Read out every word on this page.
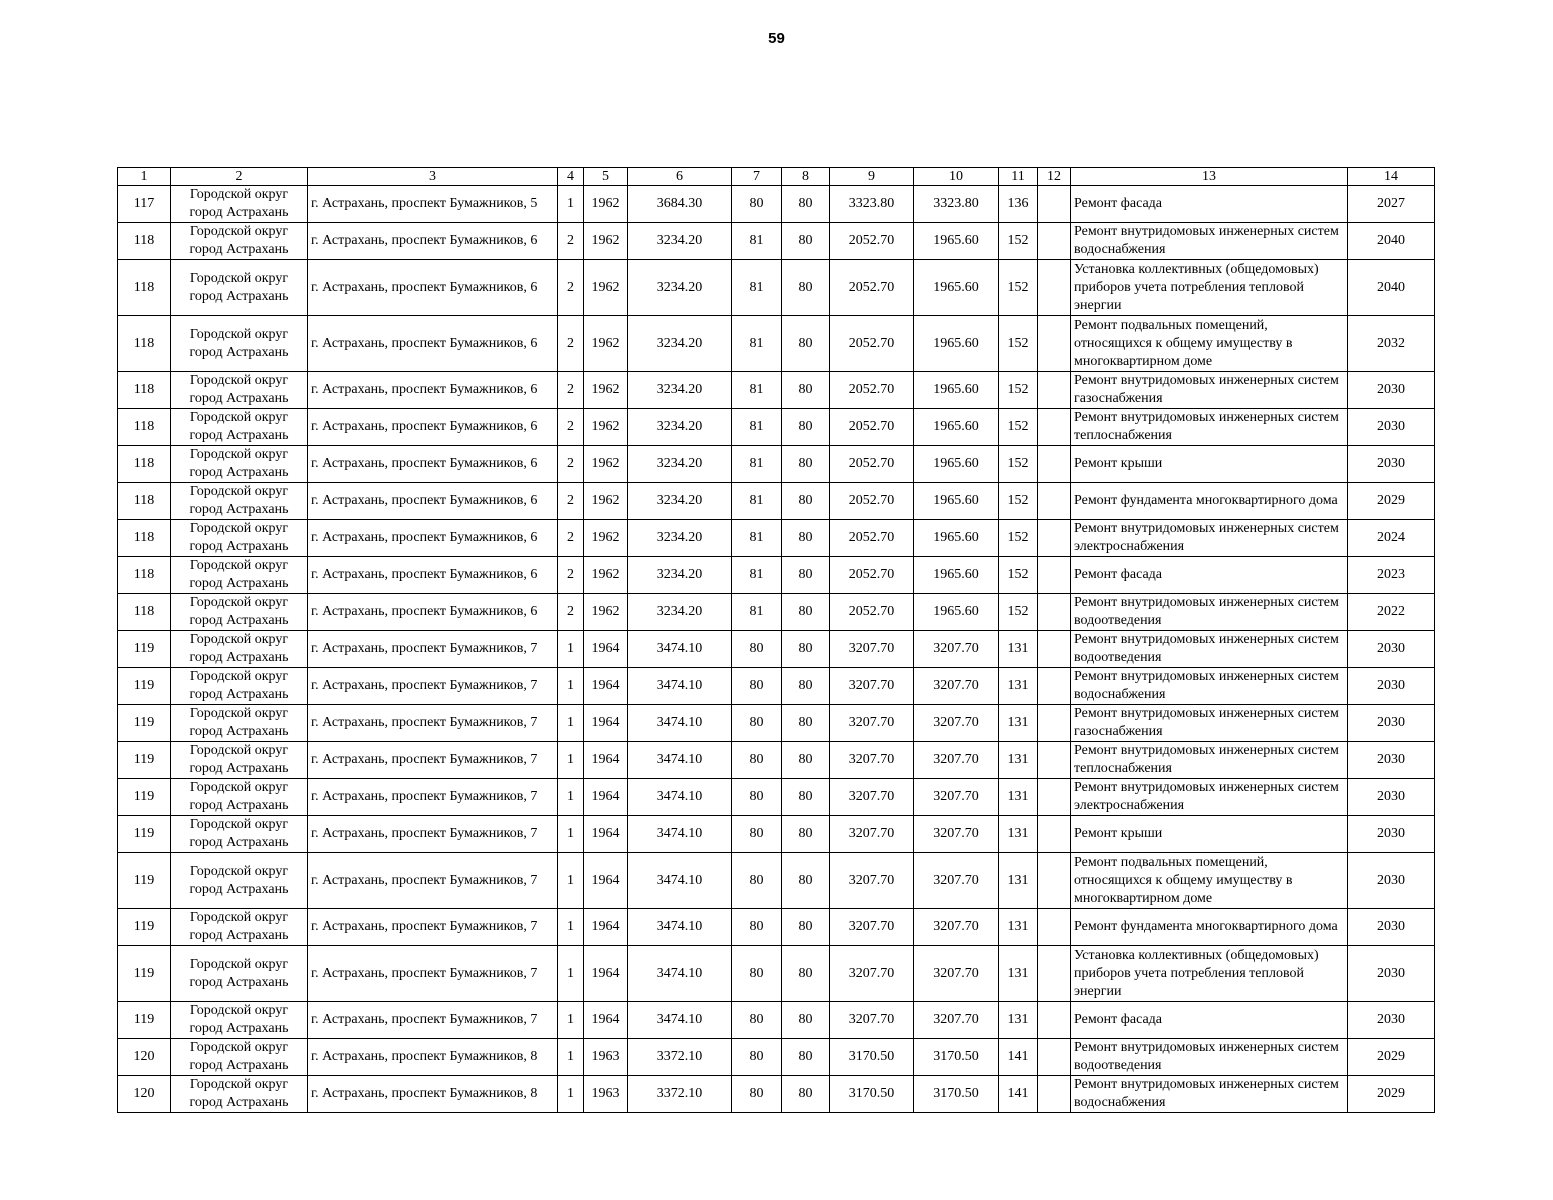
59
1	2	3	4	5	6	7	8	9	10	11	12	13	14
117	Городской округ город Астрахань	г. Астрахань, проспект Бумажников, 5	1	1962	3684.30	80	80	3323.80	3323.80	136		Ремонт фасада	2027
118	Городской округ город Астрахань	г. Астрахань, проспект Бумажников, 6	2	1962	3234.20	81	80	2052.70	1965.60	152		Ремонт внутридомовых инженерных систем водоснабжения	2040
118	Городской округ город Астрахань	г. Астрахань, проспект Бумажников, 6	2	1962	3234.20	81	80	2052.70	1965.60	152		Установка коллективных (общедомовых) приборов учета потребления тепловой энергии	2040
118	Городской округ город Астрахань	г. Астрахань, проспект Бумажников, 6	2	1962	3234.20	81	80	2052.70	1965.60	152		Ремонт подвальных помещений, относящихся к общему имуществу в многоквартирном доме	2032
118	Городской округ город Астрахань	г. Астрахань, проспект Бумажников, 6	2	1962	3234.20	81	80	2052.70	1965.60	152		Ремонт внутридомовых инженерных систем газоснабжения	2030
118	Городской округ город Астрахань	г. Астрахань, проспект Бумажников, 6	2	1962	3234.20	81	80	2052.70	1965.60	152		Ремонт внутридомовых инженерных систем теплоснабжения	2030
118	Городской округ город Астрахань	г. Астрахань, проспект Бумажников, 6	2	1962	3234.20	81	80	2052.70	1965.60	152		Ремонт крыши	2030
118	Городской округ город Астрахань	г. Астрахань, проспект Бумажников, 6	2	1962	3234.20	81	80	2052.70	1965.60	152		Ремонт фундамента многоквартирного дома	2029
118	Городской округ город Астрахань	г. Астрахань, проспект Бумажников, 6	2	1962	3234.20	81	80	2052.70	1965.60	152		Ремонт внутридомовых инженерных систем электроснабжения	2024
118	Городской округ город Астрахань	г. Астрахань, проспект Бумажников, 6	2	1962	3234.20	81	80	2052.70	1965.60	152		Ремонт фасада	2023
118	Городской округ город Астрахань	г. Астрахань, проспект Бумажников, 6	2	1962	3234.20	81	80	2052.70	1965.60	152		Ремонт внутридомовых инженерных систем водоотведения	2022
119	Городской округ город Астрахань	г. Астрахань, проспект Бумажников, 7	1	1964	3474.10	80	80	3207.70	3207.70	131		Ремонт внутридомовых инженерных систем водоотведения	2030
119	Городской округ город Астрахань	г. Астрахань, проспект Бумажников, 7	1	1964	3474.10	80	80	3207.70	3207.70	131		Ремонт внутридомовых инженерных систем водоснабжения	2030
119	Городской округ город Астрахань	г. Астрахань, проспект Бумажников, 7	1	1964	3474.10	80	80	3207.70	3207.70	131		Ремонт внутридомовых инженерных систем газоснабжения	2030
119	Городской округ город Астрахань	г. Астрахань, проспект Бумажников, 7	1	1964	3474.10	80	80	3207.70	3207.70	131		Ремонт внутридомовых инженерных систем теплоснабжения	2030
119	Городской округ город Астрахань	г. Астрахань, проспект Бумажников, 7	1	1964	3474.10	80	80	3207.70	3207.70	131		Ремонт внутридомовых инженерных систем электроснабжения	2030
119	Городской округ город Астрахань	г. Астрахань, проспект Бумажников, 7	1	1964	3474.10	80	80	3207.70	3207.70	131		Ремонт крыши	2030
119	Городской округ город Астрахань	г. Астрахань, проспект Бумажников, 7	1	1964	3474.10	80	80	3207.70	3207.70	131		Ремонт подвальных помещений, относящихся к общему имуществу в многоквартирном доме	2030
119	Городской округ город Астрахань	г. Астрахань, проспект Бумажников, 7	1	1964	3474.10	80	80	3207.70	3207.70	131		Ремонт фундамента многоквартирного дома	2030
119	Городской округ город Астрахань	г. Астрахань, проспект Бумажников, 7	1	1964	3474.10	80	80	3207.70	3207.70	131		Установка коллективных (общедомовых) приборов учета потребления тепловой энергии	2030
119	Городской округ город Астрахань	г. Астрахань, проспект Бумажников, 7	1	1964	3474.10	80	80	3207.70	3207.70	131		Ремонт фасада	2030
120	Городской округ город Астрахань	г. Астрахань, проспект Бумажников, 8	1	1963	3372.10	80	80	3170.50	3170.50	141		Ремонт внутридомовых инженерных систем водоотведения	2029
120	Городской округ город Астрахань	г. Астрахань, проспект Бумажников, 8	1	1963	3372.10	80	80	3170.50	3170.50	141		Ремонт внутридомовых инженерных систем водоснабжения	2029
